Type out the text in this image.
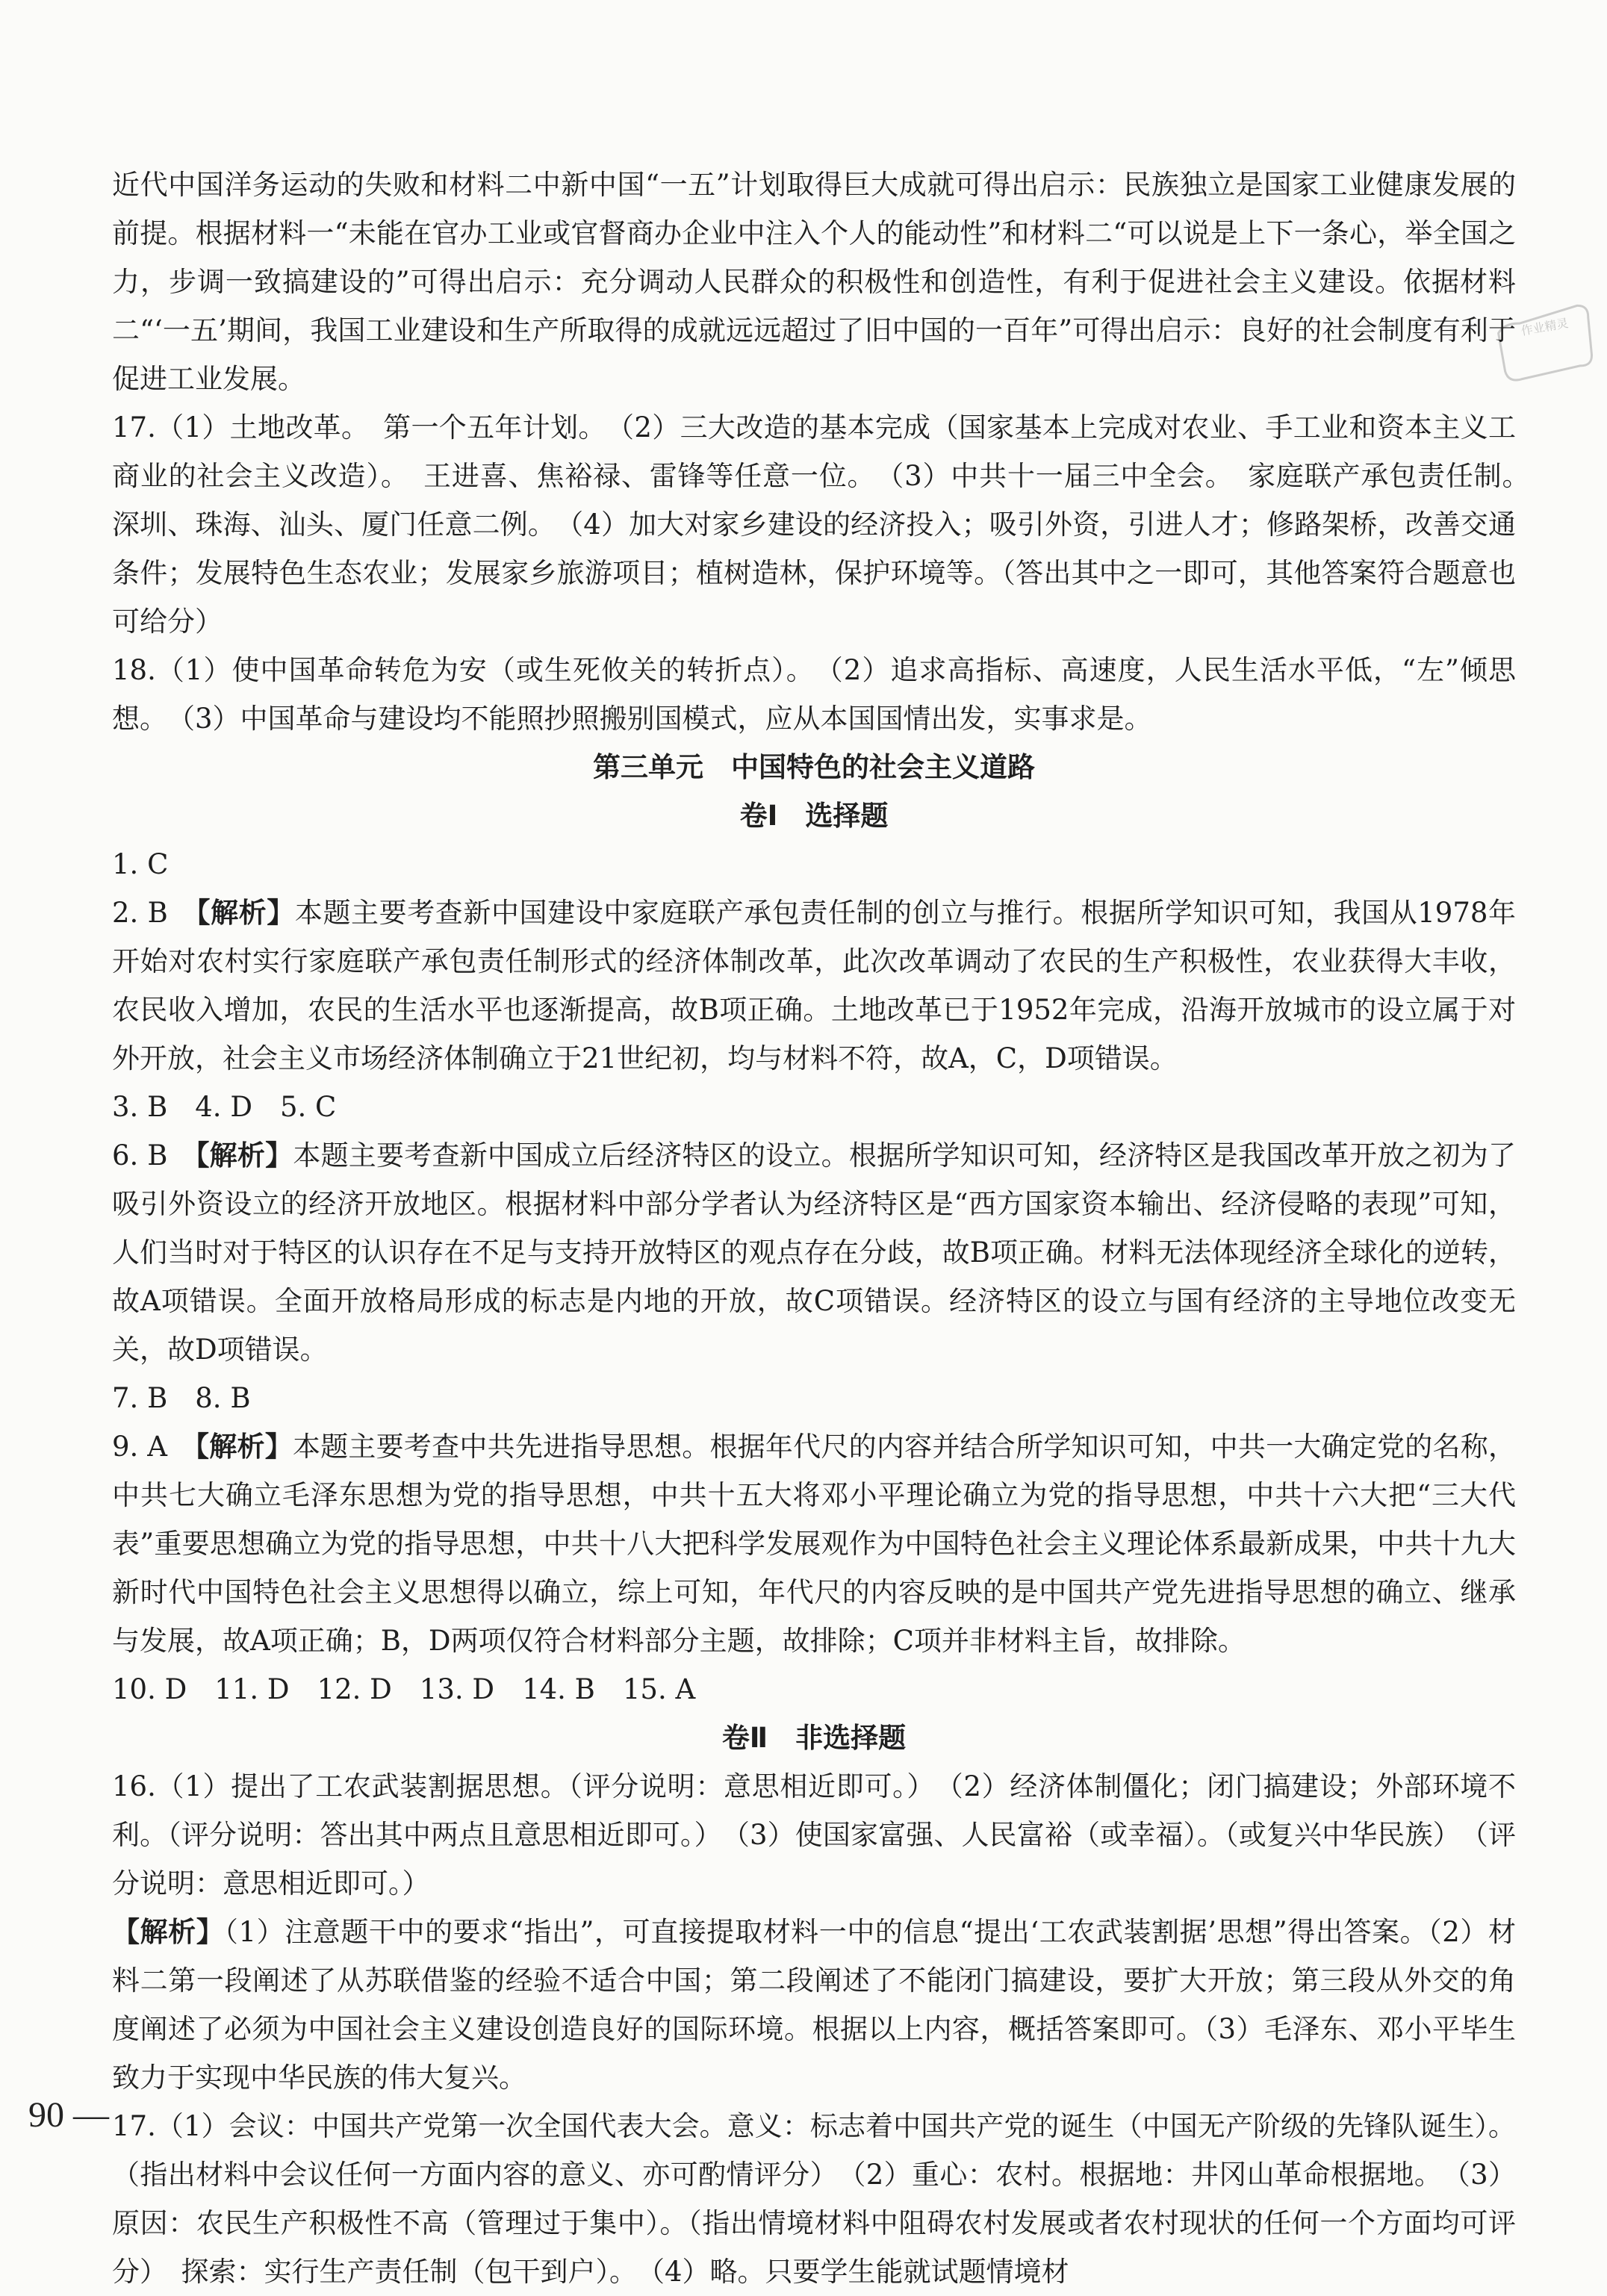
作业精灵

近代中国洋务运动的失败和材料二中新中国“一五”计划取得巨大成就可得出启示：民族独立是国家工业健康发展的前提。根据材料一“未能在官办工业或官督商办企业中注入个人的能动性”和材料二“可以说是上下一条心，举全国之力，步调一致搞建设的”可得出启示：充分调动人民群众的积极性和创造性，有利于促进社会主义建设。依据材料二“‘一五’期间，我国工业建设和生产所取得的成就远远超过了旧中国的一百年”可得出启示：良好的社会制度有利于促进工业发展。

17.（1）土地改革。　第一个五年计划。　（2）三大改造的基本完成（国家基本上完成对农业、手工业和资本主义工商业的社会主义改造）。　王进喜、焦裕禄、雷锋等任意一位。　（3）中共十一届三中全会。　家庭联产承包责任制。　深圳、珠海、汕头、厦门任意二例。　（4）加大对家乡建设的经济投入；吸引外资，引进人才；修路架桥，改善交通条件；发展特色生态农业；发展家乡旅游项目；植树造林，保护环境等。（答出其中之一即可，其他答案符合题意也可给分）

18.（1）使中国革命转危为安（或生死攸关的转折点）。　（2）追求高指标、高速度，人民生活水平低，“左”倾思想。　（3）中国革命与建设均不能照抄照搬别国模式，应从本国国情出发，实事求是。

第三单元　中国特色的社会主义道路

卷Ⅰ　选择题

1. C

2. B　【解析】本题主要考查新中国建设中家庭联产承包责任制的创立与推行。根据所学知识可知，我国从1978年开始对农村实行家庭联产承包责任制形式的经济体制改革，此次改革调动了农民的生产积极性，农业获得大丰收，农民收入增加，农民的生活水平也逐渐提高，故B项正确。土地改革已于1952年完成，沿海开放城市的设立属于对外开放，社会主义市场经济体制确立于21世纪初，均与材料不符，故A，C，D项错误。

3. B　4. D　5. C

6. B　【解析】本题主要考查新中国成立后经济特区的设立。根据所学知识可知，经济特区是我国改革开放之初为了吸引外资设立的经济开放地区。根据材料中部分学者认为经济特区是“西方国家资本输出、经济侵略的表现”可知，人们当时对于特区的认识存在不足与支持开放特区的观点存在分歧，故B项正确。材料无法体现经济全球化的逆转，故A项错误。全面开放格局形成的标志是内地的开放，故C项错误。经济特区的设立与国有经济的主导地位改变无关，故D项错误。

7. B　8. B

9. A　【解析】本题主要考查中共先进指导思想。根据年代尺的内容并结合所学知识可知，中共一大确定党的名称，中共七大确立毛泽东思想为党的指导思想，中共十五大将邓小平理论确立为党的指导思想，中共十六大把“三大代表”重要思想确立为党的指导思想，中共十八大把科学发展观作为中国特色社会主义理论体系最新成果，中共十九大新时代中国特色社会主义思想得以确立，综上可知，年代尺的内容反映的是中国共产党先进指导思想的确立、继承与发展，故A项正确；B，D两项仅符合材料部分主题，故排除；C项并非材料主旨，故排除。

10. D　11. D　12. D　13. D　14. B　15. A

卷Ⅱ　非选择题

16.（1）提出了工农武装割据思想。（评分说明：意思相近即可。）　（2）经济体制僵化；闭门搞建设；外部环境不利。（评分说明：答出其中两点且意思相近即可。）　（3）使国家富强、人民富裕（或幸福）。（或复兴中华民族）　（评分说明：意思相近即可。）

【解析】（1）注意题干中的要求“指出”，可直接提取材料一中的信息“提出‘工农武装割据’思想”得出答案。（2）材料二第一段阐述了从苏联借鉴的经验不适合中国；第二段阐述了不能闭门搞建设，要扩大开放；第三段从外交的角度阐述了必须为中国社会主义建设创造良好的国际环境。根据以上内容，概括答案即可。（3）毛泽东、邓小平毕生致力于实现中华民族的伟大复兴。

17.（1）会议：中国共产党第一次全国代表大会。意义：标志着中国共产党的诞生（中国无产阶级的先锋队诞生）。（指出材料中会议任何一方面内容的意义、亦可酌情评分）　（2）重心：农村。根据地：井冈山革命根据地。　（3）原因：农民生产积极性不高（管理过于集中）。（指出情境材料中阻碍农村发展或者农村现状的任何一个方面均可评分）　探索：实行生产责任制（包干到户）。　（4）略。只要学生能就试题情境材

90 —
